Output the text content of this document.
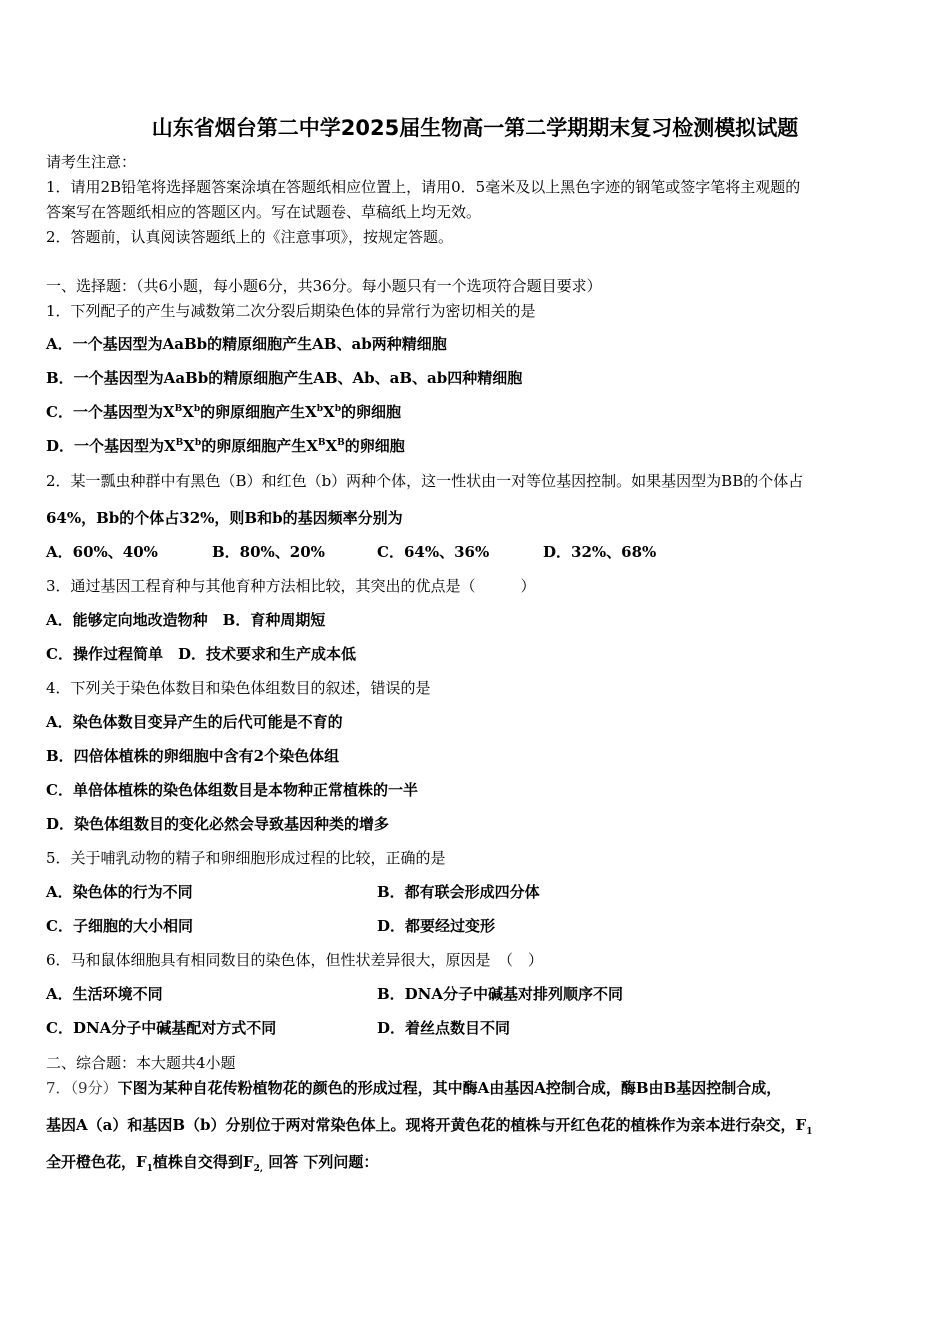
山东省烟台第二中学2025届生物高一第二学期期末复习检测模拟试题
请考生注意：
1．请用2B铅笔将选择题答案涂填在答题纸相应位置上，请用0．5毫米及以上黑色字迹的钢笔或签字笔将主观题的
答案写在答题纸相应的答题区内。写在试题卷、草稿纸上均无效。
2．答题前，认真阅读答题纸上的《注意事项》，按规定答题。
一、选择题：（共6小题，每小题6分，共36分。每小题只有一个选项符合题目要求）
1．下列配子的产生与减数第二次分裂后期染色体的异常行为密切相关的是
A．一个基因型为AaBb的精原细胞产生AB、ab两种精细胞
B．一个基因型为AaBb的精原细胞产生AB、Ab、aB、ab四种精细胞
C．一个基因型为$X^BX^b$的卵原细胞产生$X^bX^b$的卵细胞
D．一个基因型为$X^BX^b$的卵原细胞产生$X^BX^B$的卵细胞
2．某一瓢虫种群中有黑色（B）和红色（b）两种个体，这一性状由一对等位基因控制。如果基因型为BB的个体占
64%，Bb的个体占32%，则B和b的基因频率分别为
A．60%、40%	B．80%、20%	C．64%、36%	D．32%、68%
3．通过基因工程育种与其他育种方法相比较，其突出的优点是（　　　）
A．能够定向地改造物种　B．育种周期短
C．操作过程简单　D．技术要求和生产成本低
4．下列关于染色体数目和染色体组数目的叙述，错误的是
A．染色体数目变异产生的后代可能是不育的
B．四倍体植株的卵细胞中含有2个染色体组
C．单倍体植株的染色体组数目是本物种正常植株的一半
D．染色体组数目的变化必然会导致基因种类的增多
5．关于哺乳动物的精子和卵细胞形成过程的比较，正确的是
A．染色体的行为不同	B．都有联会形成四分体
C．子细胞的大小相同	D．都要经过变形
6．马和鼠体细胞具有相同数目的染色体，但性状差异很大，原因是　（　）
A．生活环境不同	B．DNA分子中碱基对排列顺序不同
C．DNA分子中碱基配对方式不同	D．着丝点数目不同
二、综合题：本大题共4小题
7．（9分）下图为某种自花传粉植物花的颜色的形成过程，其中酶A由基因A控制合成，酶B由B基因控制合成，
基因A（a）和基因B（b）分别位于两对常染色体上。现将开黄色花的植株与开红色花的植株作为亲本进行杂交，$F_1$
全开橙色花，$F_1$植株自交得到$F_{2,}$ 回答 下列问题：
